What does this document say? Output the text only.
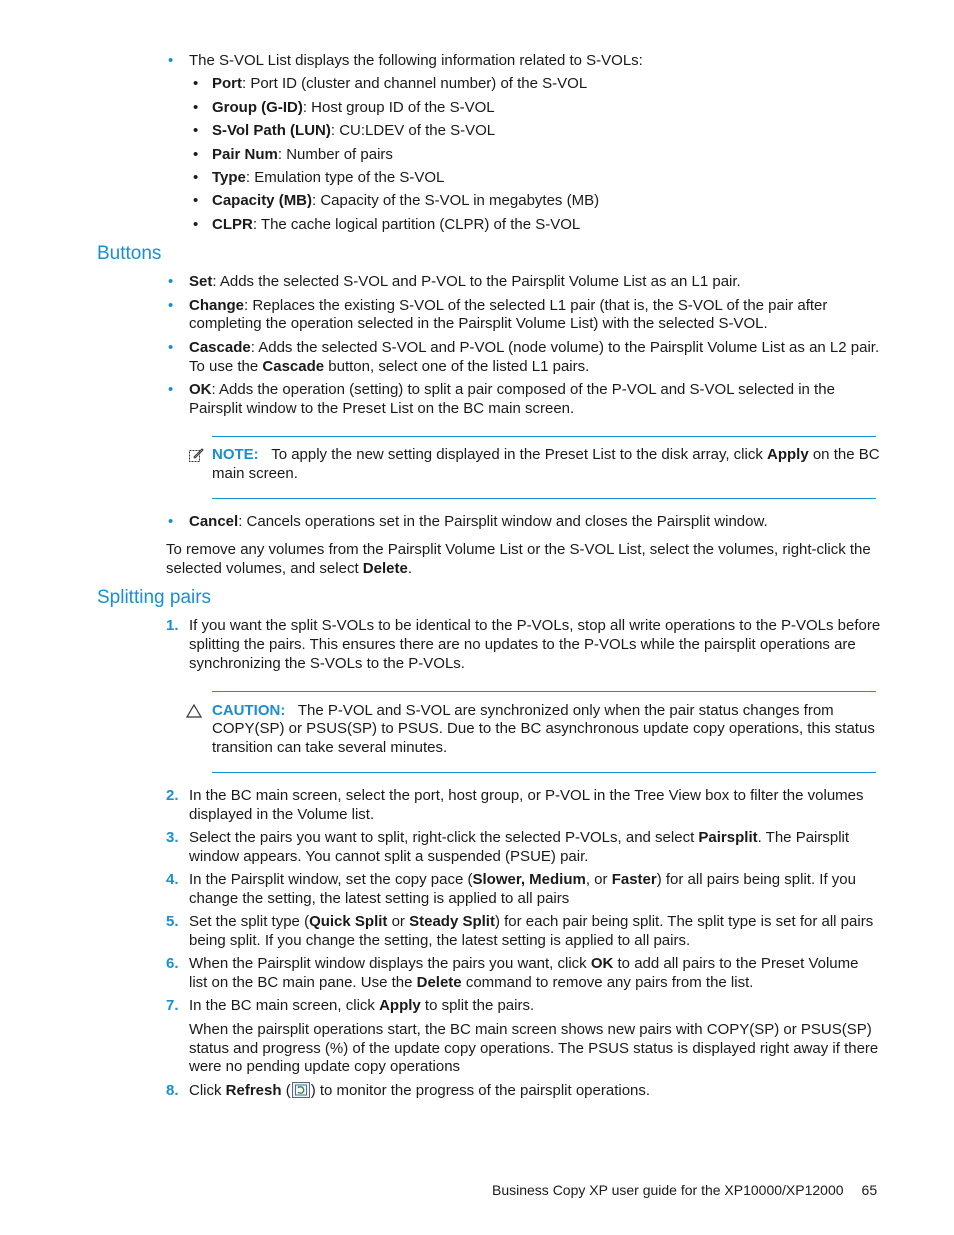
• The S-VOL List displays the following information related to S-VOLs:
• Port: Port ID (cluster and channel number) of the S-VOL
• Group (G-ID): Host group ID of the S-VOL
• S-Vol Path (LUN): CU:LDEV of the S-VOL
• Pair Num: Number of pairs
• Type: Emulation type of the S-VOL
• Capacity (MB): Capacity of the S-VOL in megabytes (MB)
• CLPR: The cache logical partition (CLPR) of the S-VOL
Buttons
• Set: Adds the selected S-VOL and P-VOL to the Pairsplit Volume List as an L1 pair.
• Change: Replaces the existing S-VOL of the selected L1 pair (that is, the S-VOL of the pair after
completing the operation selected in the Pairsplit Volume List) with the selected S-VOL.
• Cascade: Adds the selected S-VOL and P-VOL (node volume) to the Pairsplit Volume List as an L2 pair.
To use the Cascade button, select one of the listed L1 pairs.
• OK: Adds the operation (setting) to split a pair composed of the P-VOL and S-VOL selected in the
Pairsplit window to the Preset List on the BC main screen.
NOTE: To apply the new setting displayed in the Preset List to the disk array, click Apply on the BC
main screen.
• Cancel: Cancels operations set in the Pairsplit window and closes the Pairsplit window.
To remove any volumes from the Pairsplit Volume List or the S-VOL List, select the volumes, right-click the
selected volumes, and select Delete.
Splitting pairs
1. If you want the split S-VOLs to be identical to the P-VOLs, stop all write operations to the P-VOLs before
splitting the pairs. This ensures there are no updates to the P-VOLs while the pairsplit operations are
synchronizing the S-VOLs to the P-VOLs.
CAUTION: The P-VOL and S-VOL are synchronized only when the pair status changes from
COPY(SP) or PSUS(SP) to PSUS. Due to the BC asynchronous update copy operations, this status
transition can take several minutes.
2. In the BC main screen, select the port, host group, or P-VOL in the Tree View box to filter the volumes
displayed in the Volume list.
3. Select the pairs you want to split, right-click the selected P-VOLs, and select Pairsplit. The Pairsplit
window appears. You cannot split a suspended (PSUE) pair.
4. In the Pairsplit window, set the copy pace (Slower, Medium, or Faster) for all pairs being split. If you
change the setting, the latest setting is applied to all pairs
5. Set the split type (Quick Split or Steady Split) for each pair being split. The split type is set for all pairs
being split. If you change the setting, the latest setting is applied to all pairs.
6. When the Pairsplit window displays the pairs you want, click OK to add all pairs to the Preset Volume
list on the BC main pane. Use the Delete command to remove any pairs from the list.
7. In the BC main screen, click Apply to split the pairs.
When the pairsplit operations start, the BC main screen shows new pairs with COPY(SP) or PSUS(SP)
status and progress (%) of the update copy operations. The PSUS status is displayed right away if there
were no pending update copy operations
8. Click Refresh ( ) to monitor the progress of the pairsplit operations.
Business Copy XP user guide for the XP10000/XP12000 65
